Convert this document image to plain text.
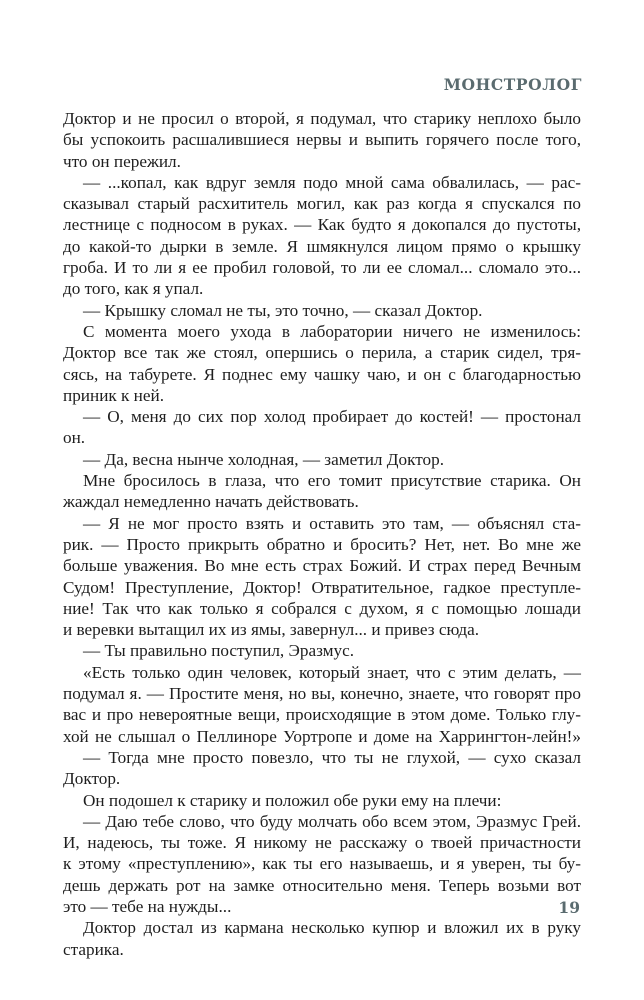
МОНСТРОЛОГ
Доктор и не просил о второй, я подумал, что старику неплохо было
бы успокоить расшалившиеся нервы и выпить горячего после того,
что он пережил.
— ...копал, как вдруг земля подо мной сама обвалилась, — рас-
сказывал старый расхититель могил, как раз когда я спускался по
лестнице с подносом в руках. — Как будто я докопался до пустоты,
до какой-то дырки в земле. Я шмякнулся лицом прямо о крышку
гроба. И то ли я ее пробил головой, то ли ее сломал... сломало это...
до того, как я упал.
— Крышку сломал не ты, это точно, — сказал Доктор.
С момента моего ухода в лаборатории ничего не изменилось:
Доктор все так же стоял, опершись о перила, а старик сидел, тря-
сясь, на табурете. Я поднес ему чашку чаю, и он с благодарностью
приник к ней.
— О, меня до сих пор холод пробирает до костей! — простонал
он.
— Да, весна нынче холодная, — заметил Доктор.
Мне бросилось в глаза, что его томит присутствие старика. Он
жаждал немедленно начать действовать.
— Я не мог просто взять и оставить это там, — объяснял ста-
рик. — Просто прикрыть обратно и бросить? Нет, нет. Во мне же
больше уважения. Во мне есть страх Божий. И страх перед Вечным
Судом! Преступление, Доктор! Отвратительное, гадкое преступле-
ние! Так что как только я собрался с духом, я с помощью лошади
и веревки вытащил их из ямы, завернул... и привез сюда.
— Ты правильно поступил, Эразмус.
«Есть только один человек, который знает, что с этим делать, —
подумал я. — Простите меня, но вы, конечно, знаете, что говорят про
вас и про невероятные вещи, происходящие в этом доме. Только глу-
хой не слышал о Пеллиноре Уортропе и доме на Харрингтон-лейн!»
— Тогда мне просто повезло, что ты не глухой, — сухо сказал
Доктор.
Он подошел к старику и положил обе руки ему на плечи:
— Даю тебе слово, что буду молчать обо всем этом, Эразмус Грей.
И, надеюсь, ты тоже. Я никому не расскажу о твоей причастности
к этому «преступлению», как ты его называешь, и я уверен, ты бу-
дешь держать рот на замке относительно меня. Теперь возьми вот
это — тебе на нужды...
Доктор достал из кармана несколько купюр и вложил их в руку
старика.
19
